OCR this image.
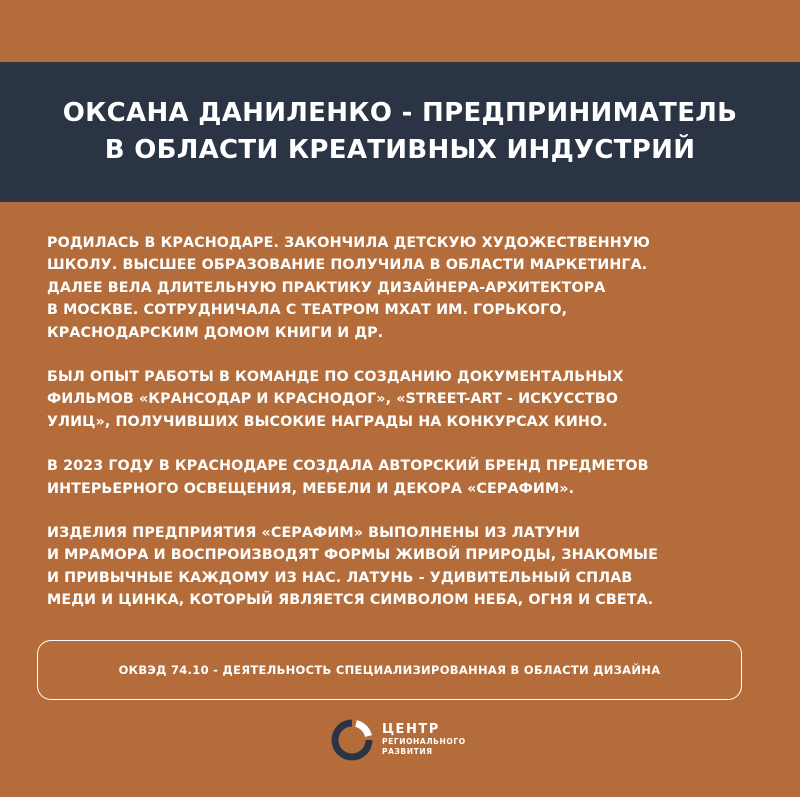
ОКСАНА ДАНИЛЕНКО - ПРЕДПРИНИМАТЕЛЬ
В ОБЛАСТИ КРЕАТИВНЫХ ИНДУСТРИЙ
РОДИЛАСЬ В КРАСНОДАРЕ. ЗАКОНЧИЛА ДЕТСКУЮ ХУДОЖЕСТВЕННУЮ
ШКОЛУ. ВЫСШЕЕ ОБРАЗОВАНИЕ ПОЛУЧИЛА В ОБЛАСТИ МАРКЕТИНГА.
ДАЛЕЕ ВЕЛА ДЛИТЕЛЬНУЮ ПРАКТИКУ ДИЗАЙНЕРА-АРХИТЕКТОРА
В МОСКВЕ. СОТРУДНИЧАЛА С ТЕАТРОМ МХАТ ИМ. ГОРЬКОГО,
КРАСНОДАРСКИМ ДОМОМ КНИГИ И ДР.
БЫЛ ОПЫТ РАБОТЫ В КОМАНДЕ ПО СОЗДАНИЮ ДОКУМЕНТАЛЬНЫХ
ФИЛЬМОВ «КРАНСОДАР И КРАСНОДОГ», «STREET-ART - ИСКУССТВО
УЛИЦ», ПОЛУЧИВШИХ ВЫСОКИЕ НАГРАДЫ НА КОНКУРСАХ КИНО.
В 2023 ГОДУ В КРАСНОДАРЕ СОЗДАЛА АВТОРСКИЙ БРЕНД ПРЕДМЕТОВ
ИНТЕРЬЕРНОГО ОСВЕЩЕНИЯ, МЕБЕЛИ И ДЕКОРА «СЕРАФИМ».
ИЗДЕЛИЯ ПРЕДПРИЯТИЯ «СЕРАФИМ» ВЫПОЛНЕНЫ ИЗ ЛАТУНИ
И МРАМОРА И ВОСПРОИЗВОДЯТ ФОРМЫ ЖИВОЙ ПРИРОДЫ, ЗНАКОМЫЕ
И ПРИВЫЧНЫЕ КАЖДОМУ ИЗ НАС. ЛАТУНЬ - УДИВИТЕЛЬНЫЙ СПЛАВ
МЕДИ И ЦИНКА, КОТОРЫЙ ЯВЛЯЕТСЯ СИМВОЛОМ НЕБА, ОГНЯ И СВЕТА.
ОКВЭД 74.10 - ДЕЯТЕЛЬНОСТЬ СПЕЦИАЛИЗИРОВАННАЯ В ОБЛАСТИ ДИЗАЙНА
ЦЕНТР
РЕГИОНАЛЬНОГО
РАЗВИТИЯ
